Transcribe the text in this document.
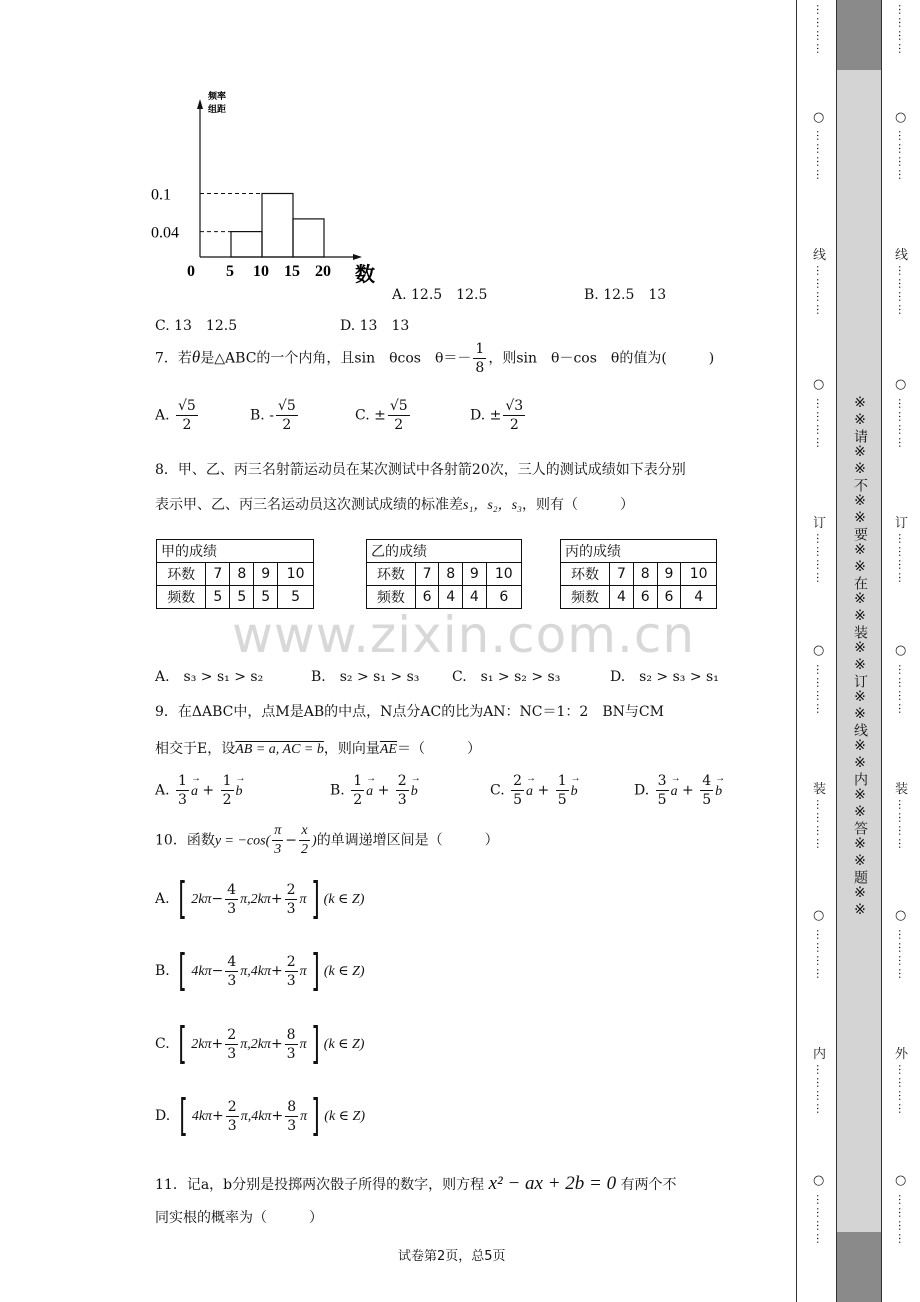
频率
组距
0.04
0.1
0 5 10 15 20 数
A. 12.5　12.5	B. 12.5　13
C. 13　12.5	D. 13　13
7．若θ是△ABC的一个内角，且sin　θcos　$\theta=- \frac{1}{8}$ ，则sin　θ－cos　θ的值为(　　　)
A. $\frac{√5}{2}$	B. - $\frac{√5}{2}$	C. ± $\frac{√5}{2}$	D. ± $\frac{√3}{2}$
8．甲、乙、丙三名射箭运动员在某次测试中各射箭20次，三人的测试成绩如下表分别
表示甲、乙、丙三名运动员这次测试成绩的标准差s₁，s₂，s₃，则有（　　　）
甲的成绩				
环数	7	8	9	10
频数	5	5	5	5
乙的成绩				
环数	7	8	9	10
频数	6	4	4	6
丙的成绩				
环数	7	8	9	10
频数	4	6	6	4
www.zixin.com.cn
A.　s₃ > s₁ > s₂	B.　s₂ > s₁ > s₃ C.　s₁ > s₂ > s₃	D.　s₂ > s₃ > s₁
9．在ΔABC中，点M是AB的中点，N点分AC的比为AN：NC＝1：2　BN与CM
相交于E，设AB = a, AC = b，则向量$\overline{AE}=$（　　　）
A. $\frac{1}{3} \to a + \frac{1}{2} \to b$	B. $\frac{1}{2} \to a + \frac{2}{3} \to b$	C. $\frac{2}{5} \to a + \frac{1}{5} \to b$	D. $\frac{3}{5} \to a + \frac{4}{5} \to b$
10．函数$y = -\cos( \frac{\pi}{3} - \frac{x}{2}$ )的单调递增区间是（　　　）
A. [ $2k\pi- \frac{4}{3} \pi,2k\pi+ \frac{2}{3} \pi$] (k ∈ Z)
B. [ $4k\pi- \frac{4}{3} \pi,4k\pi+ \frac{2}{3} \pi$] (k ∈ Z)
C. [ $2k\pi+ \frac{2}{3} \pi,2k\pi+ \frac{8}{3} \pi$] (k ∈ Z)
D. [ $4k\pi+ \frac{2}{3} \pi,4k\pi+ \frac{8}{3} \pi$] (k ∈ Z)
11．记a，b分别是投掷两次骰子所得的数字，则方程 x² − ax + 2b = 0 有两个不
同实根的概率为（　　　）
试卷第2页，总5页
※※请※※不※※要※※在※※装※※订※※线※※内※※答※※题※※
…………
○
…………
线
…………
○
…………
订
…………
○
…………
装
…………
○
…………
内
…………
○
…………
…………
○
…………
线
…………
○
…………
订
…………
○
…………
装
…………
○
…………
外
…………
○
…………
